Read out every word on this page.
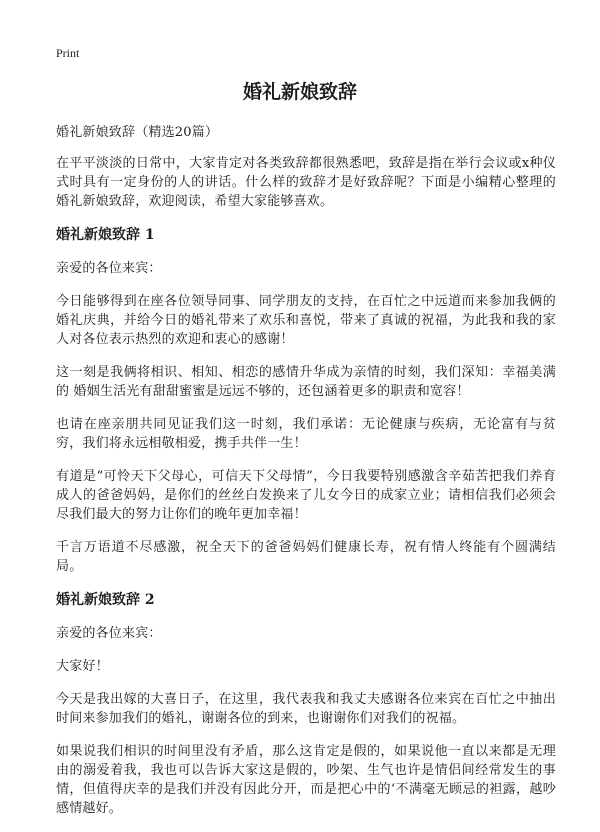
Print
婚礼新娘致辞

婚礼新娘致辞（精选20篇）

在平平淡淡的日常中，大家肯定对各类致辞都很熟悉吧，致辞是指在举行会议或x种仪式时具有一定身份的人的讲话。什么样的致辞才是好致辞呢？下面是小编精心整理的婚礼新娘致辞，欢迎阅读，希望大家能够喜欢。

婚礼新娘致辞 1

亲爱的各位来宾：

今日能够得到在座各位领导同事、同学朋友的支持，在百忙之中远道而来参加我俩的婚礼庆典，并给今日的婚礼带来了欢乐和喜悦，带来了真诚的祝福，为此我和我的家人对各位表示热烈的欢迎和衷心的感谢！

这一刻是我俩将相识、相知、相恋的感情升华成为亲情的时刻，我们深知：幸福美满的 婚姻生活光有甜甜蜜蜜是远远不够的，还包涵着更多的职责和宽容！

也请在座亲朋共同见证我们这一时刻，我们承诺：无论健康与疾病，无论富有与贫穷，我们将永远相敬相爱，携手共伴一生！

有道是“可怜天下父母心，可信天下父母情”，今日我要特别感激含辛茹苦把我们养育成人的爸爸妈妈，是你们的丝丝白发换来了儿女今日的成家立业；请相信我们必须会尽我们最大的努力让你们的晚年更加幸福！

千言万语道不尽感激，祝全天下的爸爸妈妈们健康长寿，祝有情人终能有个圆满结局。

婚礼新娘致辞 2

亲爱的各位来宾：

大家好！

今天是我出嫁的大喜日子，在这里，我代表我和我丈夫感谢各位来宾在百忙之中抽出时间来参加我们的婚礼，谢谢各位的到来，也谢谢你们对我们的祝福。

如果说我们相识的时间里没有矛盾，那么这肯定是假的，如果说他一直以来都是无理由的溺爱着我，我也可以告诉大家这是假的，吵架、生气也许是情侣间经常发生的事情，但值得庆幸的是我们并没有因此分开，而是把心中的‘不满毫无顾忌的袒露，越吵感情越好。
